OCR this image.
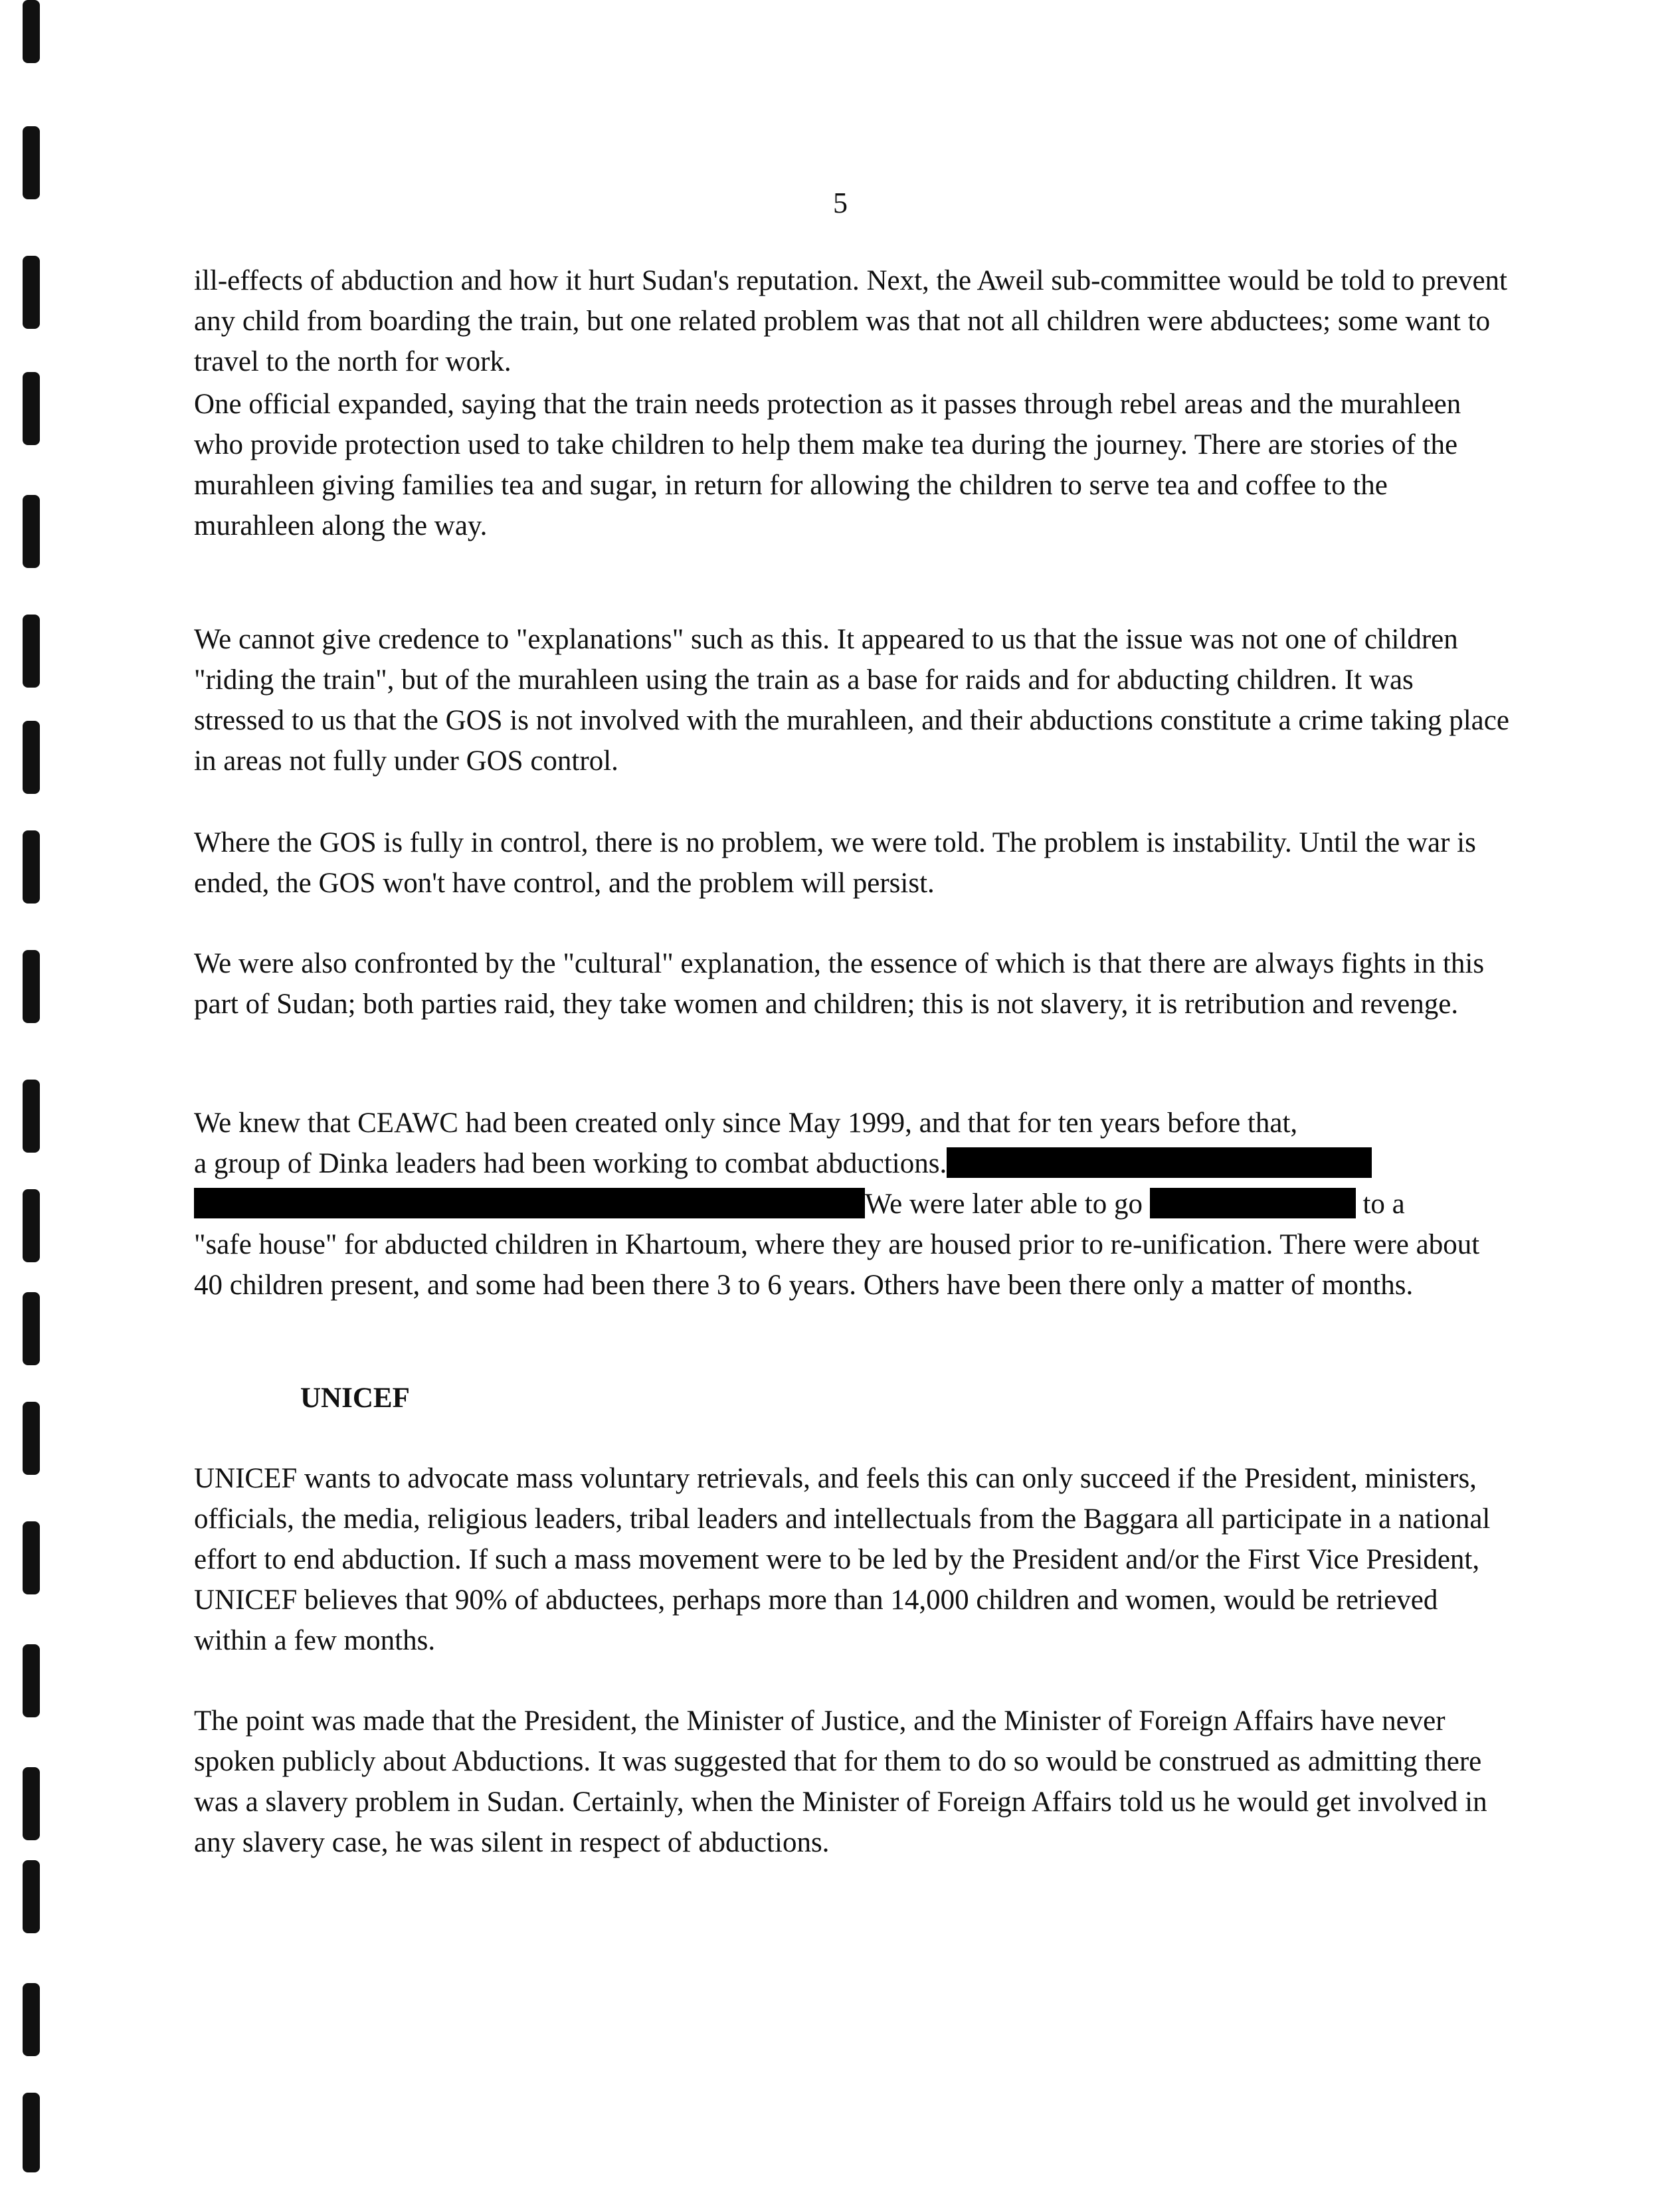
5

ill-effects of abduction and how it hurt Sudan's reputation. Next, the Aweil sub-committee would be told to prevent any child from boarding the train, but one related problem was that not all children were abductees; some want to travel to the north for work.

One official expanded, saying that the train needs protection as it passes through rebel areas and the murahleen who provide protection used to take children to help them make tea during the journey. There are stories of the murahleen giving families tea and sugar, in return for allowing the children to serve tea and coffee to the murahleen along the way.

We cannot give credence to "explanations" such as this. It appeared to us that the issue was not one of children "riding the train", but of the murahleen using the train as a base for raids and for abducting children. It was stressed to us that the GOS is not involved with the murahleen, and their abductions constitute a crime taking place in areas not fully under GOS control.

Where the GOS is fully in control, there is no problem, we were told. The problem is instability. Until the war is ended, the GOS won't have control, and the problem will persist.

We were also confronted by the "cultural" explanation, the essence of which is that there are always fights in this part of Sudan; both parties raid, they take women and children; this is not slavery, it is retribution and revenge.

We knew that CEAWC had been created only since May 1999, and that for ten years before that,

a group of Dinka leaders had been working to combat abductions.

We were later able to go	to a

"safe house" for abducted children in Khartoum, where they are housed prior to re-unification. There were about 40 children present, and some had been there 3 to 6 years. Others have been there only a matter of months.

UNICEF

UNICEF wants to advocate mass voluntary retrievals, and feels this can only succeed if the President, ministers, officials, the media, religious leaders, tribal leaders and intellectuals from the Baggara all participate in a national effort to end abduction. If such a mass movement were to be led by the President and/or the First Vice President, UNICEF believes that 90% of abductees, perhaps more than 14,000 children and women, would be retrieved within a few months.

The point was made that the President, the Minister of Justice, and the Minister of Foreign Affairs have never spoken publicly about Abductions. It was suggested that for them to do so would be construed as admitting there was a slavery problem in Sudan. Certainly, when the Minister of Foreign Affairs told us he would get involved in any slavery case, he was silent in respect of abductions.
